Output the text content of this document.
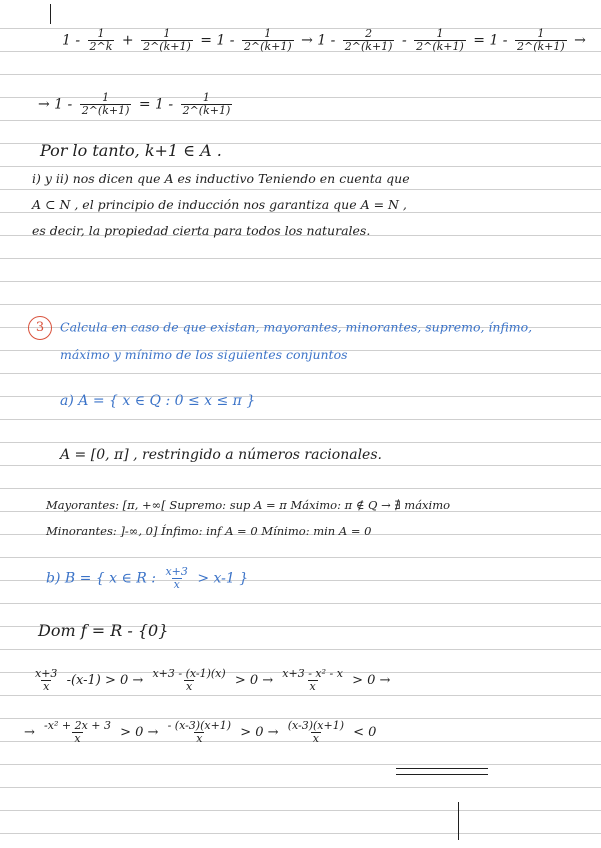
$1 - \frac{1}{2\^{}k} + \frac{1}{2\^{}(k+1)} = 1 - \frac{1}{2\^{}(k+1)} \to 1 - \frac{2}{2\^{}(k+1)} - \frac{1}{2\^{}(k+1)} = 1 - \frac{1}{2\^{}(k+1)}$ →
→ $1 - \frac{1}{2\^{}(k+1)} = 1 - \frac{1}{2\^{}(k+1)}$
Por lo tanto, k+1 ∈ A .
i) y ii) nos dicen que A es inductivo Teniendo en cuenta que
A ⊂ N , el principio de inducción nos garantiza que A = N ,
es decir, la propiedad cierta para todos los naturales.
3 Calcula en caso de que existan, mayorantes, minorantes, supremo, ínfimo,
máximo y mínimo de los siguientes conjuntos
a) A = { x ∈ Q : 0 ≤ x ≤ π }
A = [0, π] , restringido a números racionales.
Mayorantes: [π, +∞[ Supremo: sup A = π Máximo: π ∉ Q → ∄ máximo
Minorantes: ]-∞, 0] Ínfimo: inf A = 0 Mínimo: min A = 0
b) B = { x ∈ R : $\frac{x+3}{x} > x-1$ }
Dom f = R - {0}
$\frac{x+3}{x} -(x-1) > 0 \to \frac{x+3 - (x-1)(x)}{x} > 0 \to \frac{\text{x+3 - x² - x}}{x} > 0$ →
→ $\frac{\text{-x² + 2x + 3}}{x} > 0 \to \frac{- (x-3)(x+1)}{x} > 0 \to \frac{(x-3)(x+1)}{x} < 0$
